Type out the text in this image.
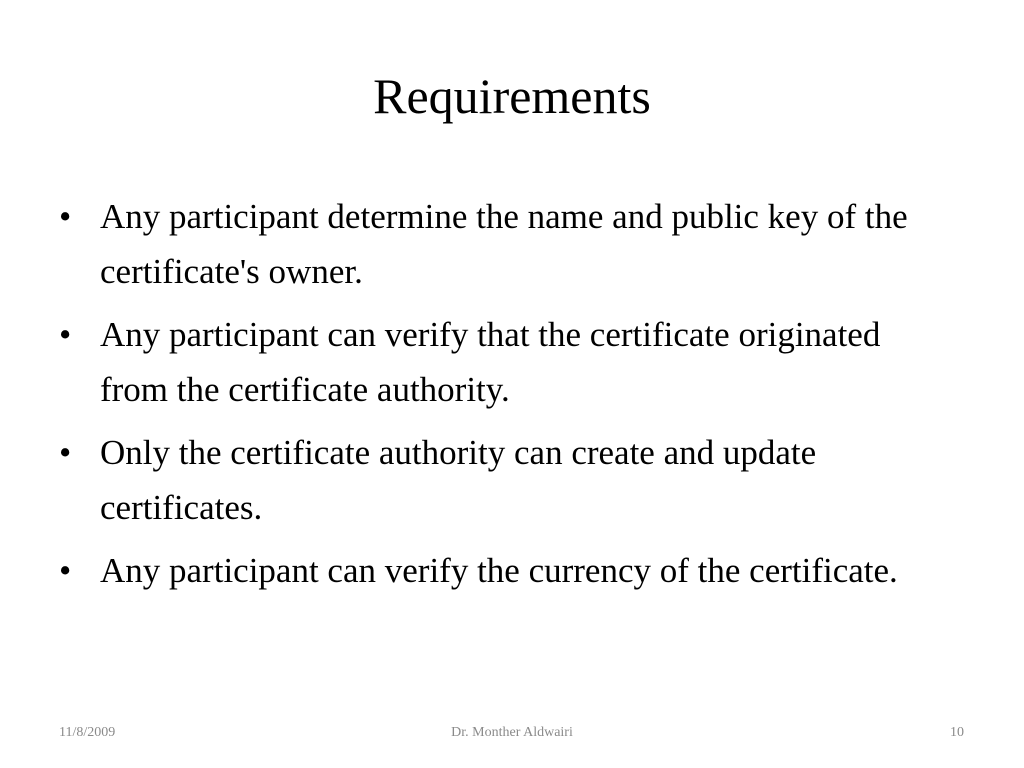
Requirements
• Any participant determine the name and public key of the certificate's owner.
• Any participant can verify that the certificate originated from the certificate authority.
• Only the certificate authority can create and update certificates.
• Any participant can verify the currency of the certificate.
11/8/2009	Dr. Monther Aldwairi	10
